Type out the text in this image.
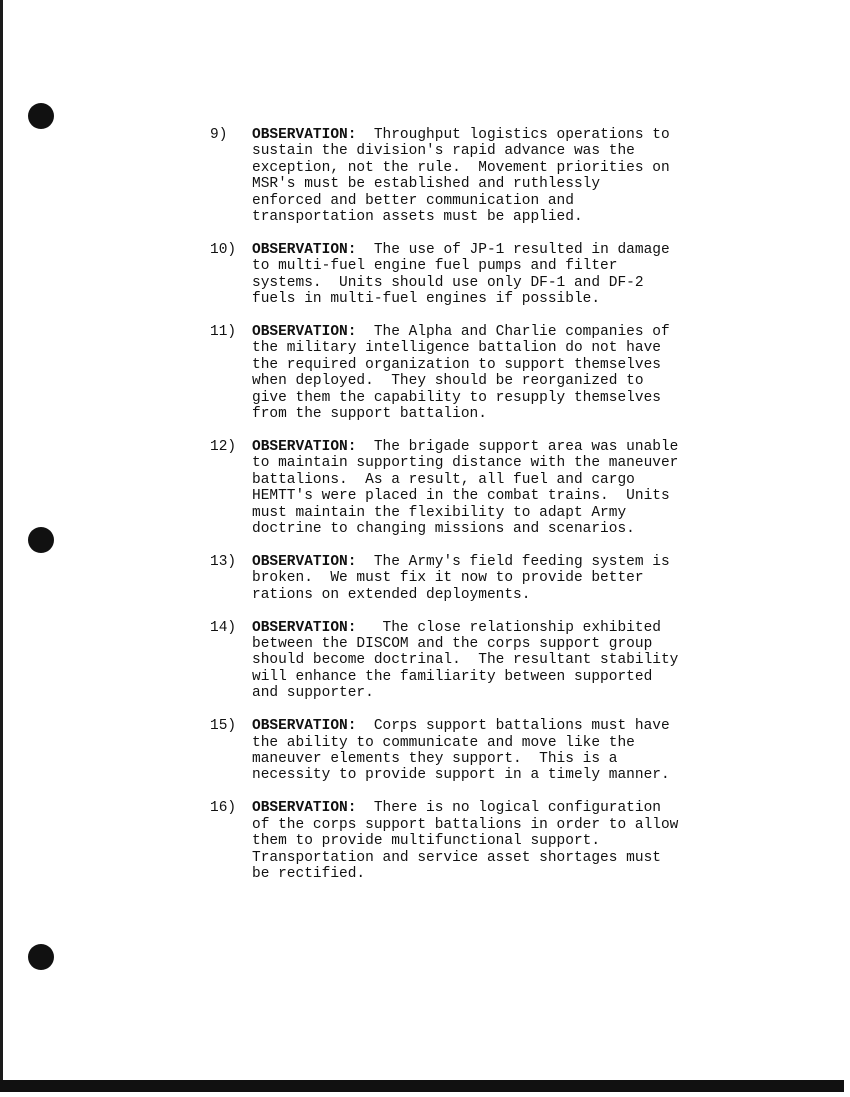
9)	OBSERVATION: Throughput logistics operations to
sustain the division's rapid advance was the
exception, not the rule.  Movement priorities on
MSR's must be established and ruthlessly
enforced and better communication and
transportation assets must be applied.
10)	OBSERVATION: The use of JP-1 resulted in damage
to multi-fuel engine fuel pumps and filter
systems.  Units should use only DF-1 and DF-2
fuels in multi-fuel engines if possible.
11)	OBSERVATION: The Alpha and Charlie companies of
the military intelligence battalion do not have
the required organization to support themselves
when deployed.  They should be reorganized to
give them the capability to resupply themselves
from the support battalion.
12)	OBSERVATION: The brigade support area was unable
to maintain supporting distance with the maneuver
battalions.  As a result, all fuel and cargo
HEMTT's were placed in the combat trains.  Units
must maintain the flexibility to adapt Army
doctrine to changing missions and scenarios.
13)	OBSERVATION: The Army's field feeding system is
broken.  We must fix it now to provide better
rations on extended deployments.
14)	OBSERVATION:   The close relationship exhibited
between the DISCOM and the corps support group
should become doctrinal.  The resultant stability
will enhance the familiarity between supported
and supporter.
15)	OBSERVATION: Corps support battalions must have
the ability to communicate and move like the
maneuver elements they support.  This is a
necessity to provide support in a timely manner.
16)	OBSERVATION: There is no logical configuration
of the corps support battalions in order to allow
them to provide multifunctional support.
Transportation and service asset shortages must
be rectified.
